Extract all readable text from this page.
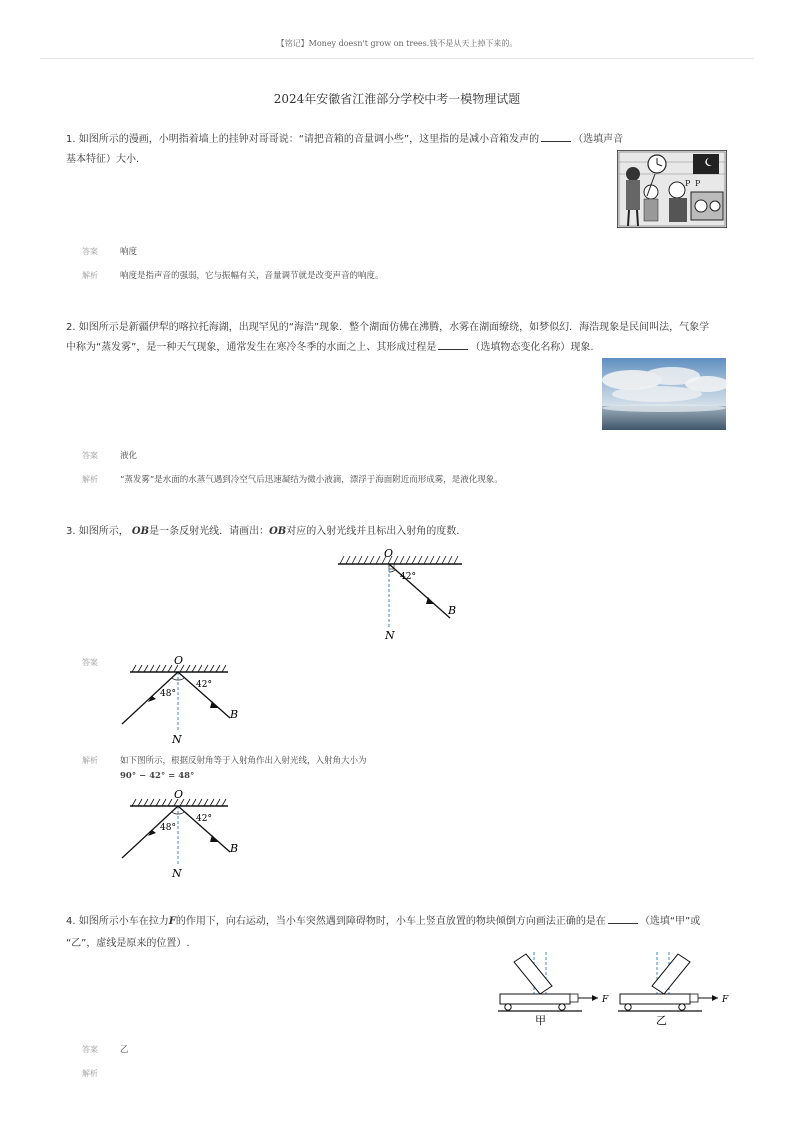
【铭记】Money doesn't grow on trees.钱不是从天上掉下来的。
2024年安徽省江淮部分学校中考一模物理试题
1. 如图所示的漫画，小明指着墙上的挂钟对哥哥说：“请把音箱的音量调小些”，这里指的是减小音箱发声的	（选填声音基本特征）大小.
P P
答案	响度
解析	响度是指声音的强弱，它与振幅有关，音量调节就是改变声音的响度。
2. 如图所示是新疆伊犁的喀拉托海湖，出现罕见的“海浩”现象．整个湖面仿佛在沸腾，水雾在湖面缭绕，如梦似幻．海浩现象是民间叫法，气象学
中称为“蒸发雾”，是一种天气现象，通常发生在寒冷冬季的水面之上、其形成过程是	（选填物态变化名称）现象.
答案	液化
解析	“蒸发雾”是水面的水蒸气遇到冷空气后迅速凝结为微小液滴，漂浮于海面附近而形成雾，是液化现象。
3. 如图所示， OB是一条反射光线．请画出：OB对应的入射光线并且标出入射角的度数.
O
42°
B
N
答案	O
42°
48°
B
N
解析	如下图所示，根据反射角等于入射角作出入射光线，入射角大小为
90° − 42° = 48°
O
42°
48°
B
N
4. 如图所示小车在拉力F的作用下，向右运动，当小车突然遇到障碍物时，小车上竖直放置的物块倾倒方向画法正确的是在	（选填“甲”或
“乙”，虚线是原来的位置）.
F
甲
F
乙
答案	乙
解析
